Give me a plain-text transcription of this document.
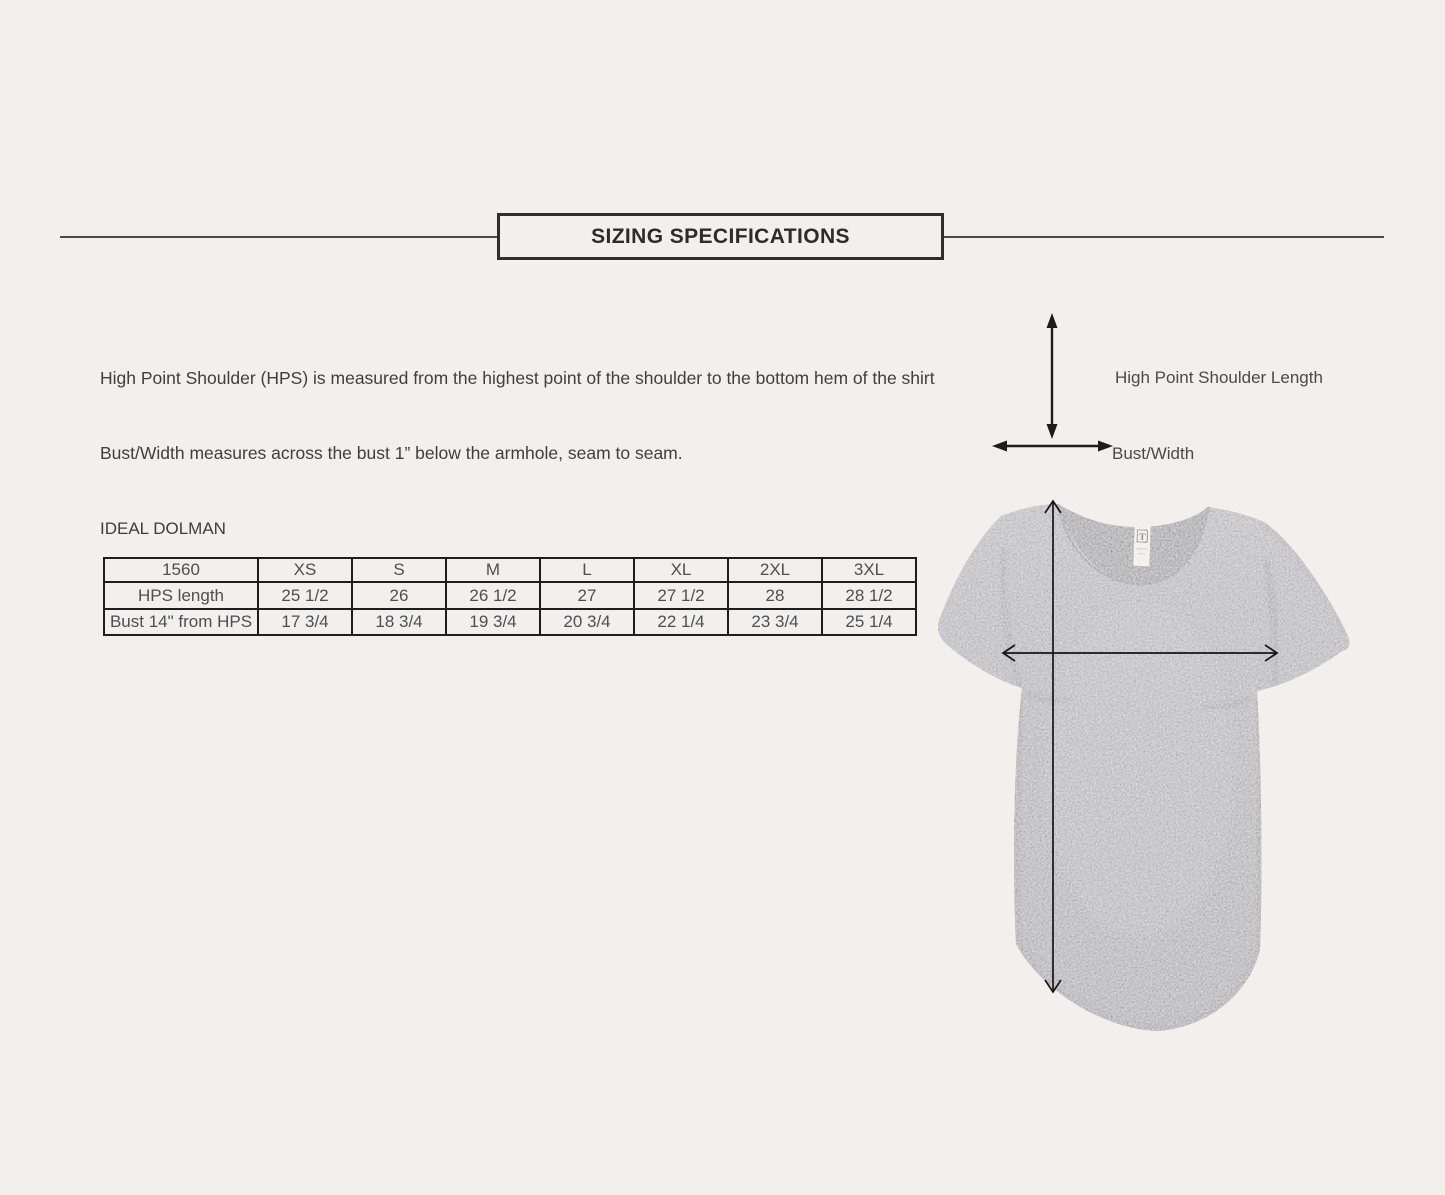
SIZING SPECIFICATIONS
High Point Shoulder (HPS) is measured from the highest point of the shoulder to the bottom hem of the shirt
Bust/Width measures across the bust 1” below the armhole, seam to seam.
IDEAL DOLMAN
High Point Shoulder Length
Bust/Width
1560	XS	S	M	L	XL	2XL	3XL
HPS length	25 1/2	26	26 1/2	27	27 1/2	28	28 1/2
Bust 14" from HPS	17 3/4	18 3/4	19 3/4	20 3/4	22 1/4	23 3/4	25 1/4
T
